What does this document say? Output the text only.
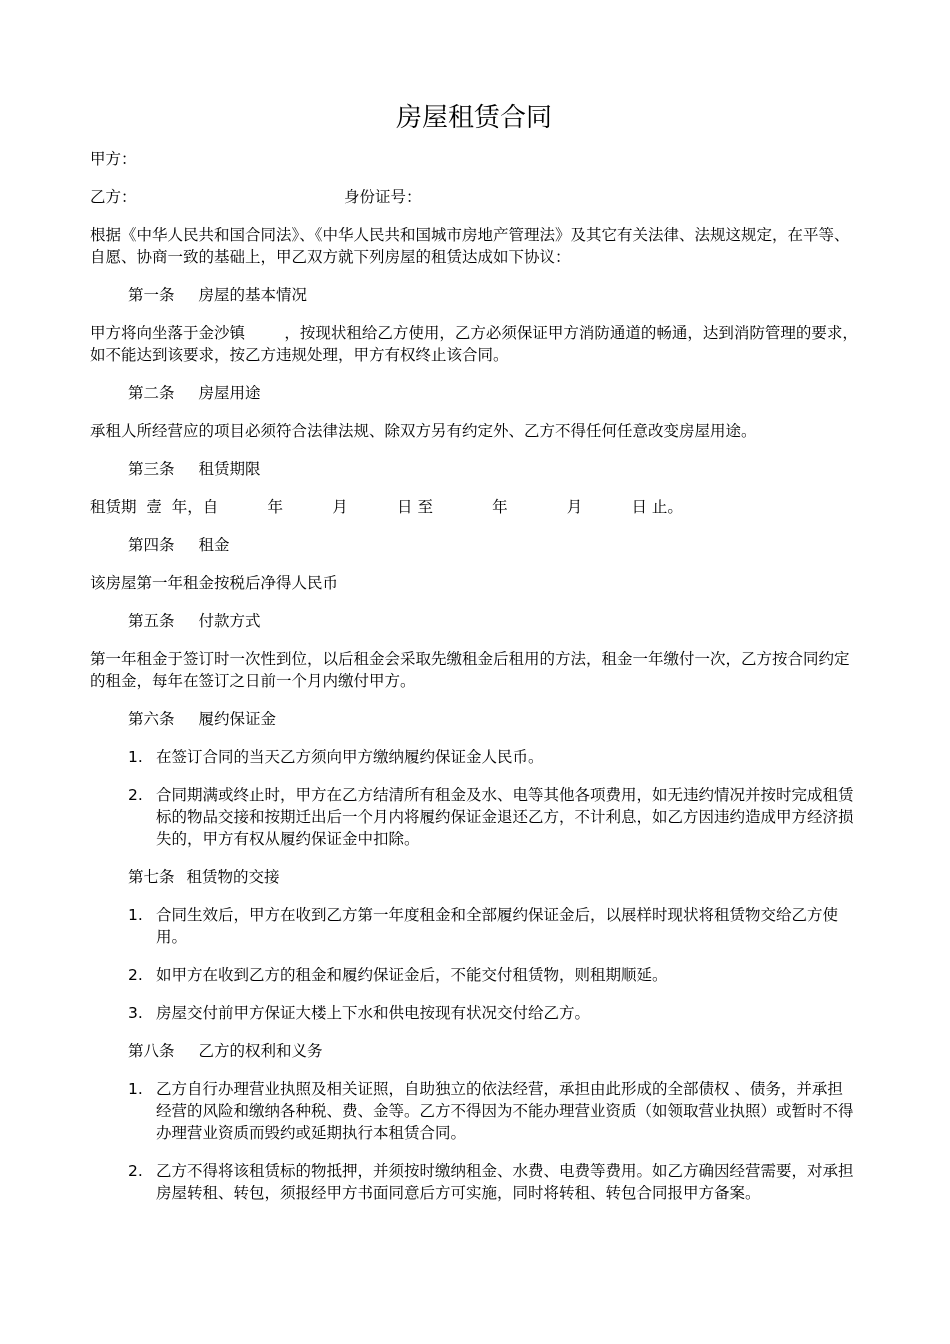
房屋租赁合同

甲方：

乙方：	身份证号：

根据《中华人民共和国合同法》、《中华人民共和国城市房地产管理法》及其它有关法律、法规这规定，在平等、自愿、协商一致的基础上，甲乙双方就下列房屋的租赁达成如下协议：

第一条 房屋的基本情况

甲方将向坐落于金沙镇        ，按现状租给乙方使用，乙方必须保证甲方消防通道的畅通，达到消防管理的要求，如不能达到该要求，按乙方违规处理，甲方有权终止该合同。

第二条 房屋用途

承租人所经营应的项目必须符合法律法规、除双方另有约定外、乙方不得任何任意改变房屋用途。

第三条 租赁期限

租赁期  壹  年，自          年          月          日 至            年            月          日 止。

第四条 租金

该房屋第一年租金按税后净得人民币

第五条 付款方式

第一年租金于签订时一次性到位，以后租金会采取先缴租金后租用的方法，租金一年缴付一次，乙方按合同约定的租金，每年在签订之日前一个月内缴付甲方。

第六条 履约保证金
1. 在签订合同的当天乙方须向甲方缴纳履约保证金人民币。
2. 合同期满或终止时，甲方在乙方结清所有租金及水、电等其他各项费用，如无违约情况并按时完成租赁标的物品交接和按期迁出后一个月内将履约保证金退还乙方，不计利息，如乙方因违约造成甲方经济损失的，甲方有权从履约保证金中扣除。
第七条 租赁物的交接
1. 合同生效后，甲方在收到乙方第一年度租金和全部履约保证金后，以展样时现状将租赁物交给乙方使用。
2. 如甲方在收到乙方的租金和履约保证金后，不能交付租赁物，则租期顺延。
3. 房屋交付前甲方保证大楼上下水和供电按现有状况交付给乙方。
第八条 乙方的权利和义务
1. 乙方自行办理营业执照及相关证照，自助独立的依法经营，承担由此形成的全部债权 、债务，并承担经营的风险和缴纳各种税、费、金等。乙方不得因为不能办理营业资质（如领取营业执照）或暂时不得办理营业资质而毁约或延期执行本租赁合同。
2. 乙方不得将该租赁标的物抵押，并须按时缴纳租金、水费、电费等费用。如乙方确因经营需要，对承担房屋转租、转包，须报经甲方书面同意后方可实施，同时将转租、转包合同报甲方备案。
